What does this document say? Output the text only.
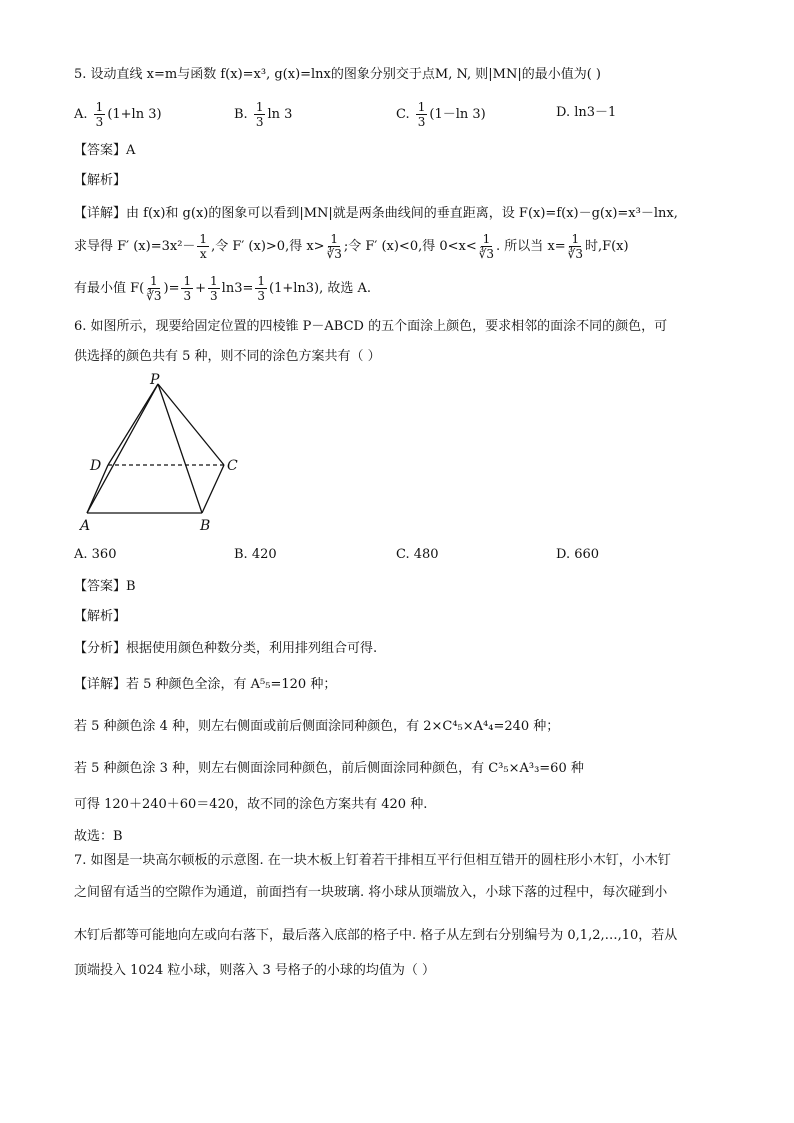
5. 设动直线 x=m与函数 f(x)=x³, g(x)=lnx的图象分别交于点M, N, 则|MN|的最小值为( )
A. $\frac{1}{3} (1+\ln$ 3)	B. $\frac{1}{3}$ ln 3	C. $\frac{1}{3} (1-\ln$ 3)	D. ln3－1
【答案】A
【解析】
【详解】由 f(x)和 g(x)的图象可以看到|MN|就是两条曲线间的垂直距离，设 F(x)=f(x)－g(x)=x³－lnx,
求导得 F′ $(x)=3x^2- \frac{1}{x}$ ,令 F′ (x)>0,得 $x> \frac{1}{∛3}$ ;令 F′ (x)<0,得 $0<x< \frac{1}{∛3}$ . 所以当 $x= \frac{1}{∛3}$ 时,F(x)
有最小值 $F( \frac{1}{∛3}$ )= $\frac{1}{3} + \frac{1}{3} \ln 3= \frac{1}{3} (1+\ln 3)$, 故选 A.
6. 如图所示，现要给固定位置的四棱锥 P－ABCD 的五个面涂上颜色，要求相邻的面涂不同的颜色，可
供选择的颜色共有 5 种，则不同的涂色方案共有（ ）
P
D	C
A	B
A. 360	B. 420	C. 480	D. 660
【答案】B
【解析】
【分析】根据使用颜色种数分类，利用排列组合可得.
【详解】若 5 种颜色全涂，有 A⁵₅=120 种；
若 5 种颜色涂 4 种，则左右侧面或前后侧面涂同种颜色，有 2×C⁴₅×A⁴₄=240 种；
若 5 种颜色涂 3 种，则左右侧面涂同种颜色，前后侧面涂同种颜色，有 C³₅×A³₃=60 种
可得 120＋240＋60＝420，故不同的涂色方案共有 420 种.
故选：B
7. 如图是一块高尔顿板的示意图. 在一块木板上钉着若干排相互平行但相互错开的圆柱形小木钉，小木钉
之间留有适当的空隙作为通道，前面挡有一块玻璃. 将小球从顶端放入，小球下落的过程中，每次碰到小
木钉后都等可能地向左或向右落下，最后落入底部的格子中. 格子从左到右分别编号为 0,1,2,…,10，若从
顶端投入 1024 粒小球，则落入 3 号格子的小球的均值为（ ）
